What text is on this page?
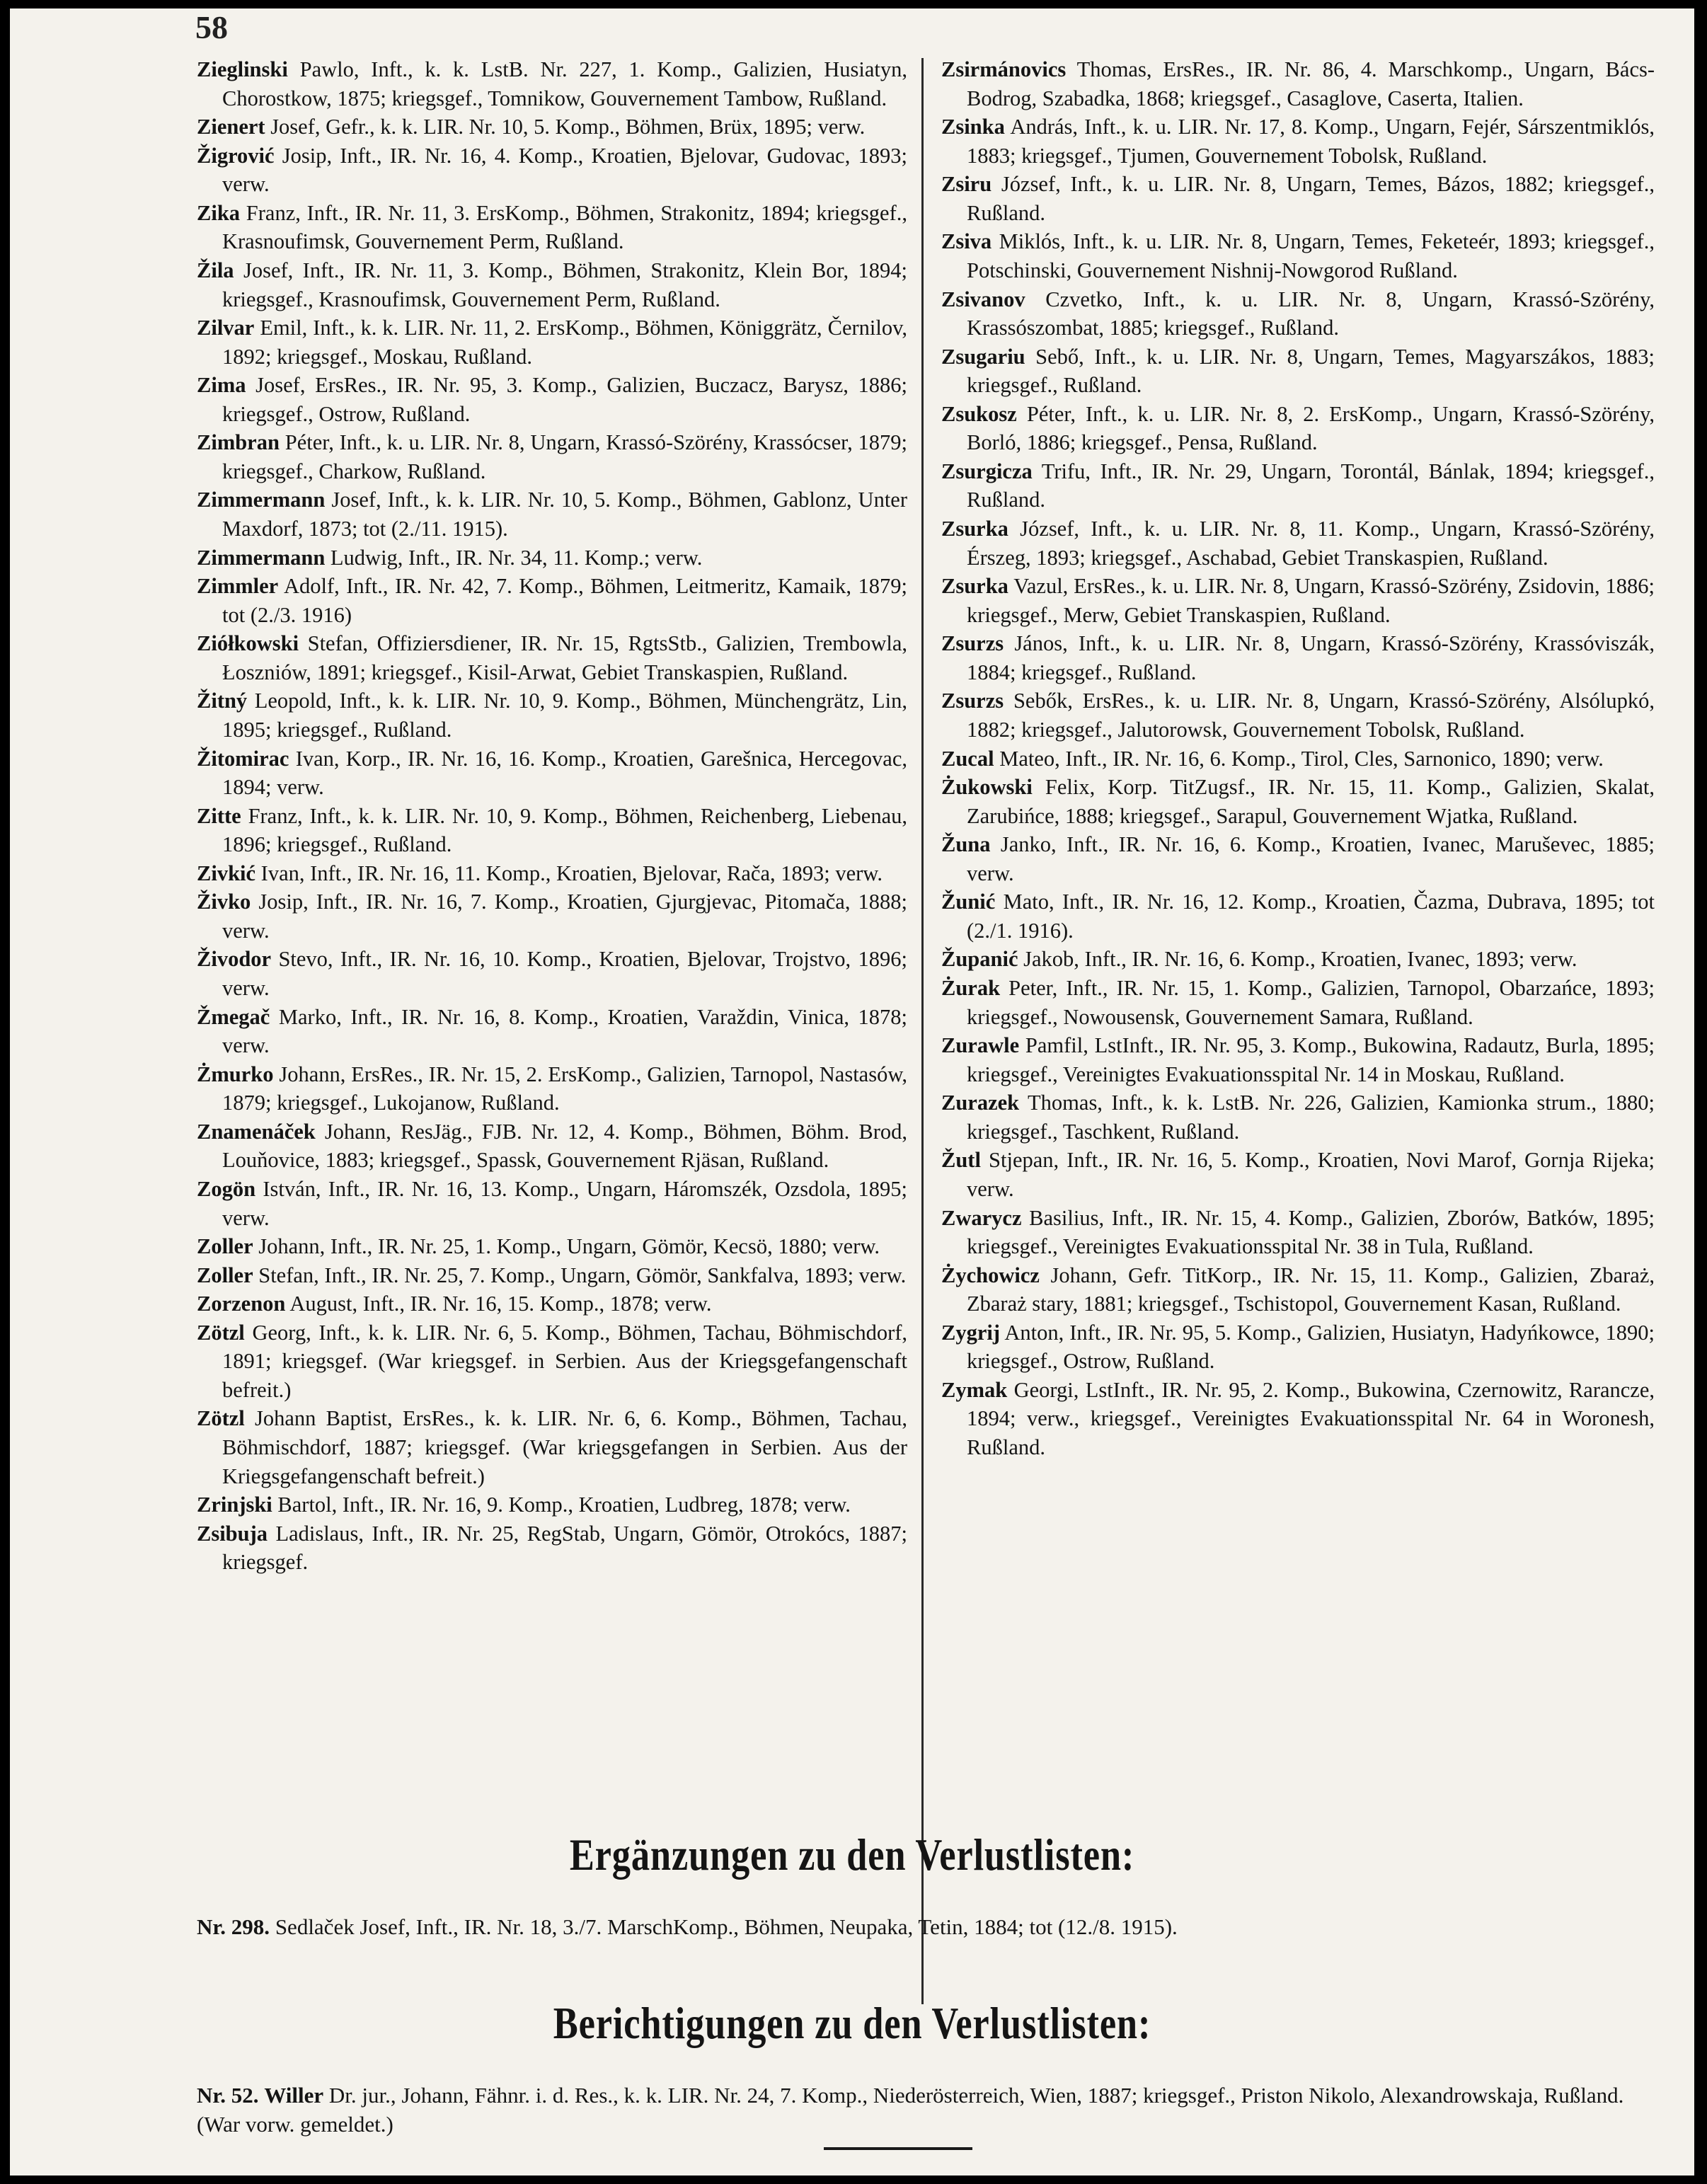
58

Zieglinski Pawlo, Inft., k. k. LstB. Nr. 227, 1. Komp., Galizien, Husiatyn, Chorostkow, 1875; kriegsgef., Tomnikow, Gouvernement Tambow, Rußland.

Zienert Josef, Gefr., k. k. LIR. Nr. 10, 5. Komp., Böhmen, Brüx, 1895; verw.

Žigrović Josip, Inft., IR. Nr. 16, 4. Komp., Kroatien, Bjelovar, Gudovac, 1893; verw.

Zika Franz, Inft., IR. Nr. 11, 3. ErsKomp., Böhmen, Strakonitz, 1894; kriegsgef., Krasnoufimsk, Gouvernement Perm, Rußland.

Žila Josef, Inft., IR. Nr. 11, 3. Komp., Böhmen, Strakonitz, Klein Bor, 1894; kriegsgef., Krasnoufimsk, Gouvernement Perm, Rußland.

Zilvar Emil, Inft., k. k. LIR. Nr. 11, 2. ErsKomp., Böhmen, Königgrätz, Černilov, 1892; kriegsgef., Moskau, Rußland.

Zima Josef, ErsRes., IR. Nr. 95, 3. Komp., Galizien, Buczacz, Barysz, 1886; kriegsgef., Ostrow, Rußland.

Zimbran Péter, Inft., k. u. LIR. Nr. 8, Ungarn, Krassó-Szörény, Krassócser, 1879; kriegsgef., Charkow, Rußland.

Zimmermann Josef, Inft., k. k. LIR. Nr. 10, 5. Komp., Böhmen, Gablonz, Unter Maxdorf, 1873; tot (2./11. 1915).

Zimmermann Ludwig, Inft., IR. Nr. 34, 11. Komp.; verw.

Zimmler Adolf, Inft., IR. Nr. 42, 7. Komp., Böhmen, Leitmeritz, Kamaik, 1879; tot (2./3. 1916)

Ziółkowski Stefan, Offiziersdiener, IR. Nr. 15, RgtsStb., Galizien, Trembowla, Łoszniów, 1891; kriegsgef., Kisil-Arwat, Gebiet Transkaspien, Rußland.

Žitný Leopold, Inft., k. k. LIR. Nr. 10, 9. Komp., Böhmen, Münchengrätz, Lin, 1895; kriegsgef., Rußland.

Žitomirac Ivan, Korp., IR. Nr. 16, 16. Komp., Kroatien, Garešnica, Hercegovac, 1894; verw.

Zitte Franz, Inft., k. k. LIR. Nr. 10, 9. Komp., Böhmen, Reichenberg, Liebenau, 1896; kriegsgef., Rußland.

Zivkić Ivan, Inft., IR. Nr. 16, 11. Komp., Kroatien, Bjelovar, Rača, 1893; verw.

Živko Josip, Inft., IR. Nr. 16, 7. Komp., Kroatien, Gjurgjevac, Pitomača, 1888; verw.

Živodor Stevo, Inft., IR. Nr. 16, 10. Komp., Kroatien, Bjelovar, Trojstvo, 1896; verw.

Žmegač Marko, Inft., IR. Nr. 16, 8. Komp., Kroatien, Varaždin, Vinica, 1878; verw.

Żmurko Johann, ErsRes., IR. Nr. 15, 2. ErsKomp., Galizien, Tarnopol, Nastasów, 1879; kriegsgef., Lukojanow, Rußland.

Znamenáček Johann, ResJäg., FJB. Nr. 12, 4. Komp., Böhmen, Böhm. Brod, Louňovice, 1883; kriegsgef., Spassk, Gouvernement Rjäsan, Rußland.

Zogön István, Inft., IR. Nr. 16, 13. Komp., Ungarn, Háromszék, Ozsdola, 1895; verw.

Zoller Johann, Inft., IR. Nr. 25, 1. Komp., Ungarn, Gömör, Kecsö, 1880; verw.

Zoller Stefan, Inft., IR. Nr. 25, 7. Komp., Ungarn, Gömör, Sankfalva, 1893; verw.

Zorzenon August, Inft., IR. Nr. 16, 15. Komp., 1878; verw.

Zötzl Georg, Inft., k. k. LIR. Nr. 6, 5. Komp., Böhmen, Tachau, Böhmischdorf, 1891; kriegsgef. (War kriegsgef. in Serbien. Aus der Kriegsgefangenschaft befreit.)

Zötzl Johann Baptist, ErsRes., k. k. LIR. Nr. 6, 6. Komp., Böhmen, Tachau, Böhmischdorf, 1887; kriegsgef. (War kriegsgefangen in Serbien. Aus der Kriegsgefangenschaft befreit.)

Zrinjski Bartol, Inft., IR. Nr. 16, 9. Komp., Kroatien, Ludbreg, 1878; verw.

Zsibuja Ladislaus, Inft., IR. Nr. 25, RegStab, Ungarn, Gömör, Otrokócs, 1887; kriegsgef.

Zsirmánovics Thomas, ErsRes., IR. Nr. 86, 4. Marschkomp., Ungarn, Bács-Bodrog, Szabadka, 1868; kriegsgef., Casaglove, Caserta, Italien.

Zsinka András, Inft., k. u. LIR. Nr. 17, 8. Komp., Ungarn, Fejér, Sárszentmiklós, 1883; kriegsgef., Tjumen, Gouvernement Tobolsk, Rußland.

Zsiru József, Inft., k. u. LIR. Nr. 8, Ungarn, Temes, Bázos, 1882; kriegsgef., Rußland.

Zsiva Miklós, Inft., k. u. LIR. Nr. 8, Ungarn, Temes, Feketeér, 1893; kriegsgef., Potschinski, Gouvernement Nishnij-Nowgorod Rußland.

Zsivanov Czvetko, Inft., k. u. LIR. Nr. 8, Ungarn, Krassó-Szörény, Krassószombat, 1885; kriegsgef., Rußland.

Zsugariu Sebő, Inft., k. u. LIR. Nr. 8, Ungarn, Temes, Magyarszákos, 1883; kriegsgef., Rußland.

Zsukosz Péter, Inft., k. u. LIR. Nr. 8, 2. ErsKomp., Ungarn, Krassó-Szörény, Borló, 1886; kriegsgef., Pensa, Rußland.

Zsurgicza Trifu, Inft., IR. Nr. 29, Ungarn, Torontál, Bánlak, 1894; kriegsgef., Rußland.

Zsurka József, Inft., k. u. LIR. Nr. 8, 11. Komp., Ungarn, Krassó-Szörény, Érszeg, 1893; kriegsgef., Aschabad, Gebiet Transkaspien, Rußland.

Zsurka Vazul, ErsRes., k. u. LIR. Nr. 8, Ungarn, Krassó-Szörény, Zsidovin, 1886; kriegsgef., Merw, Gebiet Transkaspien, Rußland.

Zsurzs János, Inft., k. u. LIR. Nr. 8, Ungarn, Krassó-Szörény, Krassóviszák, 1884; kriegsgef., Rußland.

Zsurzs Sebők, ErsRes., k. u. LIR. Nr. 8, Ungarn, Krassó-Szörény, Alsólupkó, 1882; kriegsgef., Jalutorowsk, Gouvernement Tobolsk, Rußland.

Zucal Mateo, Inft., IR. Nr. 16, 6. Komp., Tirol, Cles, Sarnonico, 1890; verw.

Żukowski Felix, Korp. TitZugsf., IR. Nr. 15, 11. Komp., Galizien, Skalat, Zarubińce, 1888; kriegsgef., Sarapul, Gouvernement Wjatka, Rußland.

Žuna Janko, Inft., IR. Nr. 16, 6. Komp., Kroatien, Ivanec, Maruševec, 1885; verw.

Žunić Mato, Inft., IR. Nr. 16, 12. Komp., Kroatien, Čazma, Dubrava, 1895; tot (2./1. 1916).

Županić Jakob, Inft., IR. Nr. 16, 6. Komp., Kroatien, Ivanec, 1893; verw.

Żurak Peter, Inft., IR. Nr. 15, 1. Komp., Galizien, Tarnopol, Obarzańce, 1893; kriegsgef., Nowousensk, Gouvernement Samara, Rußland.

Zurawle Pamfil, LstInft., IR. Nr. 95, 3. Komp., Bukowina, Radautz, Burla, 1895; kriegsgef., Vereinigtes Evakuationsspital Nr. 14 in Moskau, Rußland.

Zurazek Thomas, Inft., k. k. LstB. Nr. 226, Galizien, Kamionka strum., 1880; kriegsgef., Taschkent, Rußland.

Žutl Stjepan, Inft., IR. Nr. 16, 5. Komp., Kroatien, Novi Marof, Gornja Rijeka; verw.

Zwarycz Basilius, Inft., IR. Nr. 15, 4. Komp., Galizien, Zborów, Batków, 1895; kriegsgef., Vereinigtes Evakuationsspital Nr. 38 in Tula, Rußland.

Żychowicz Johann, Gefr. TitKorp., IR. Nr. 15, 11. Komp., Galizien, Zbaraż, Zbaraż stary, 1881; kriegsgef., Tschistopol, Gouvernement Kasan, Rußland.

Zygrij Anton, Inft., IR. Nr. 95, 5. Komp., Galizien, Husiatyn, Hadyńkowce, 1890; kriegsgef., Ostrow, Rußland.

Zymak Georgi, LstInft., IR. Nr. 95, 2. Komp., Bukowina, Czernowitz, Rarancze, 1894; verw., kriegsgef., Vereinigtes Evakuationsspital Nr. 64 in Woronesh, Rußland.

Ergänzungen zu den Verlustlisten:
Nr. 298. Sedlaček Josef, Inft., IR. Nr. 18, 3./7. MarschKomp., Böhmen, Neupaka, Tetin, 1884; tot (12./8. 1915).
Berichtigungen zu den Verlustlisten:
Nr. 52. Willer Dr. jur., Johann, Fähnr. i. d. Res., k. k. LIR. Nr. 24, 7. Komp., Niederösterreich, Wien, 1887; kriegsgef., Priston Nikolo, Alexandrowskaja, Rußland. (War vorw. gemeldet.)
